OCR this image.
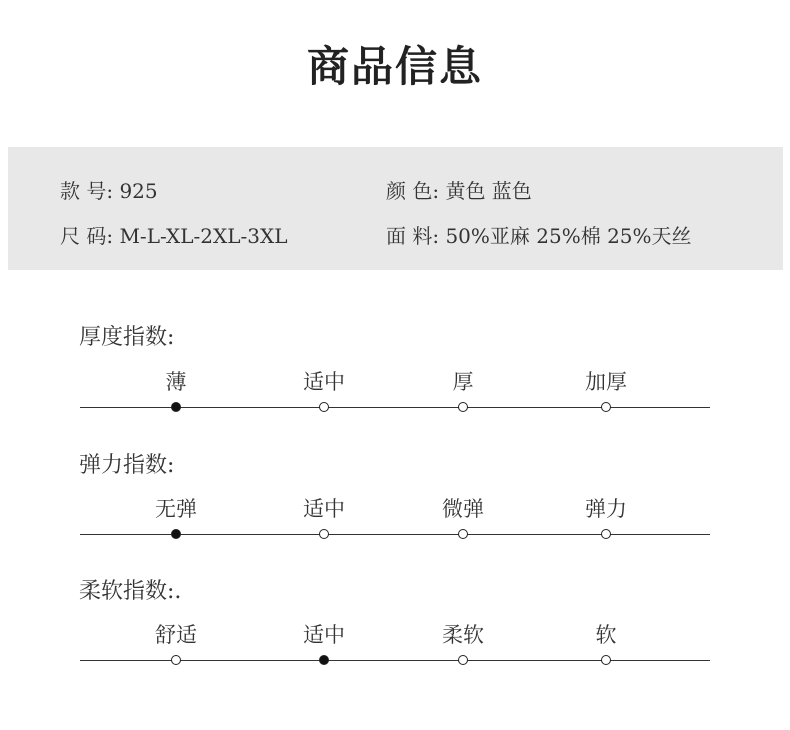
商品信息
款 号: 925	颜 色: 黄色 蓝色
尺 码: M-L-XL-2XL-3XL	面 料: 50%亚麻 25%棉 25%天丝
厚度指数:
薄	适中	厚	加厚
弹力指数:
无弹	适中	微弹	弹力
柔软指数:.
舒适	适中	柔软	软
